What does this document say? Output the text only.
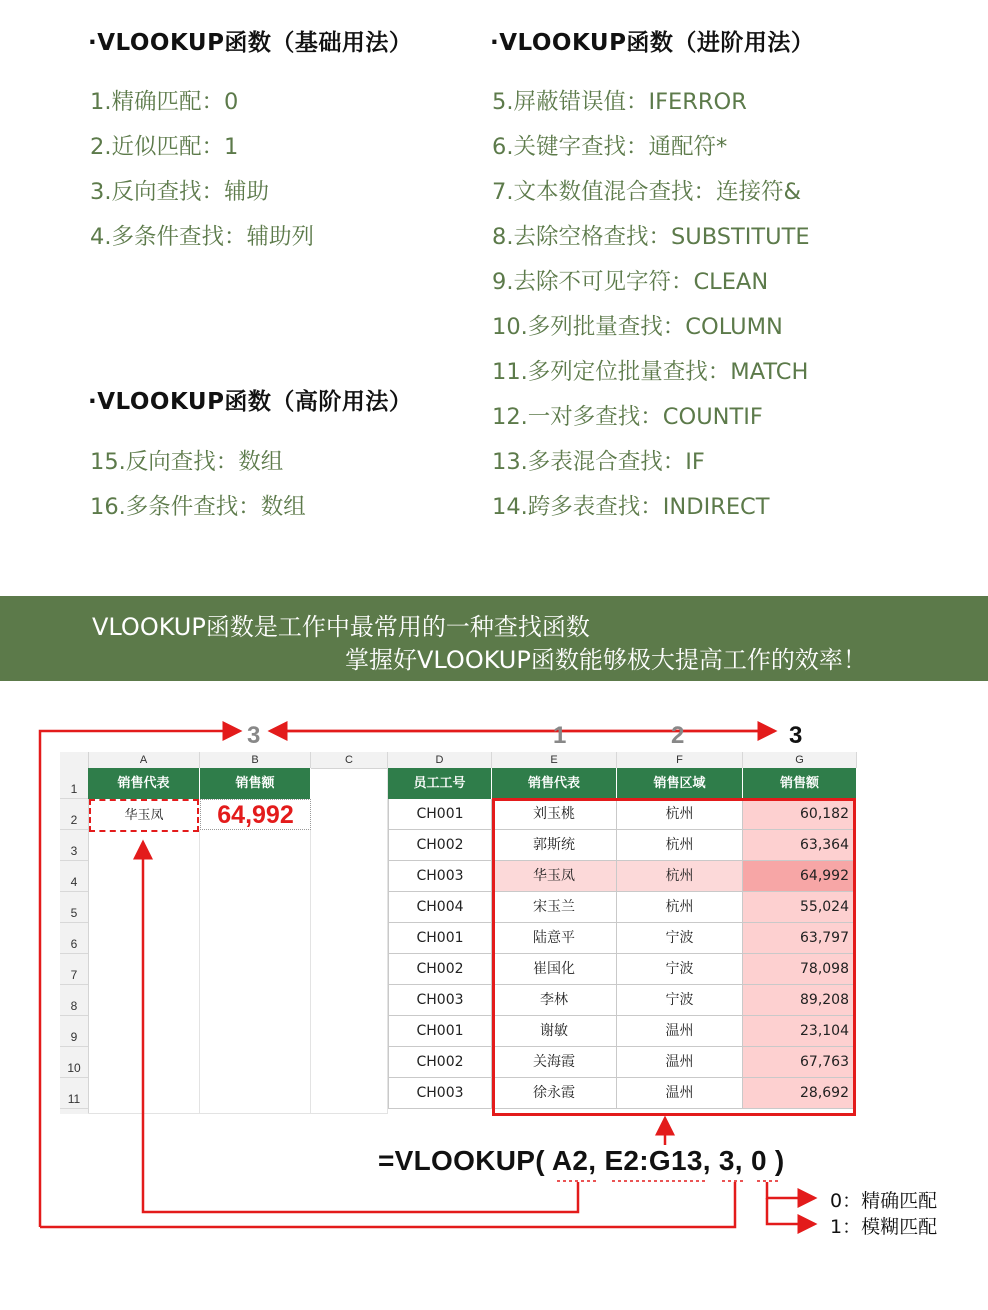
·VLOOKUP函数（基础用法）	·VLOOKUP函数（进阶用法）
·VLOOKUP函数（高阶用法）
1.精确匹配：0
2.近似匹配：1
3.反向查找：辅助
4.多条件查找：辅助列
5.屏蔽错误值：IFERROR
6.关键字查找：通配符*
7.文本数值混合查找：连接符&
8.去除空格查找：SUBSTITUTE
9.去除不可见字符：CLEAN
10.多列批量查找：COLUMN
11.多列定位批量查找：MATCH
12.一对多查找：COUNTIF
13.多表混合查找：IF
14.跨多表查找：INDIRECT
15.反向查找：数组
16.多条件查找：数组
VLOOKUP函数是工作中最常用的一种查找函数
掌握好VLOOKUP函数能够极大提高工作的效率！
A	B	C	D	E	F	G
1
2
3
4
5
6
7
8
9
10
11
销售代表	销售额
华玉凤	64,992
员工工号	销售代表	销售区域	销售额
CH001	刘玉桃	杭州	60,182
CH002	郭斯统	杭州	63,364
CH003	华玉凤	杭州	64,992
CH004	宋玉兰	杭州	55,024
CH001	陆意平	宁波	63,797
CH002	崔国化	宁波	78,098
CH003	李林	宁波	89,208
CH001	谢敏	温州	23,104
CH002	关海霞	温州	67,763
CH003	徐永霞	温州	28,692
3	1	2	3
=VLOOKUP( A2, E2:G13, 3, 0 )
0：精确匹配
1：模糊匹配
